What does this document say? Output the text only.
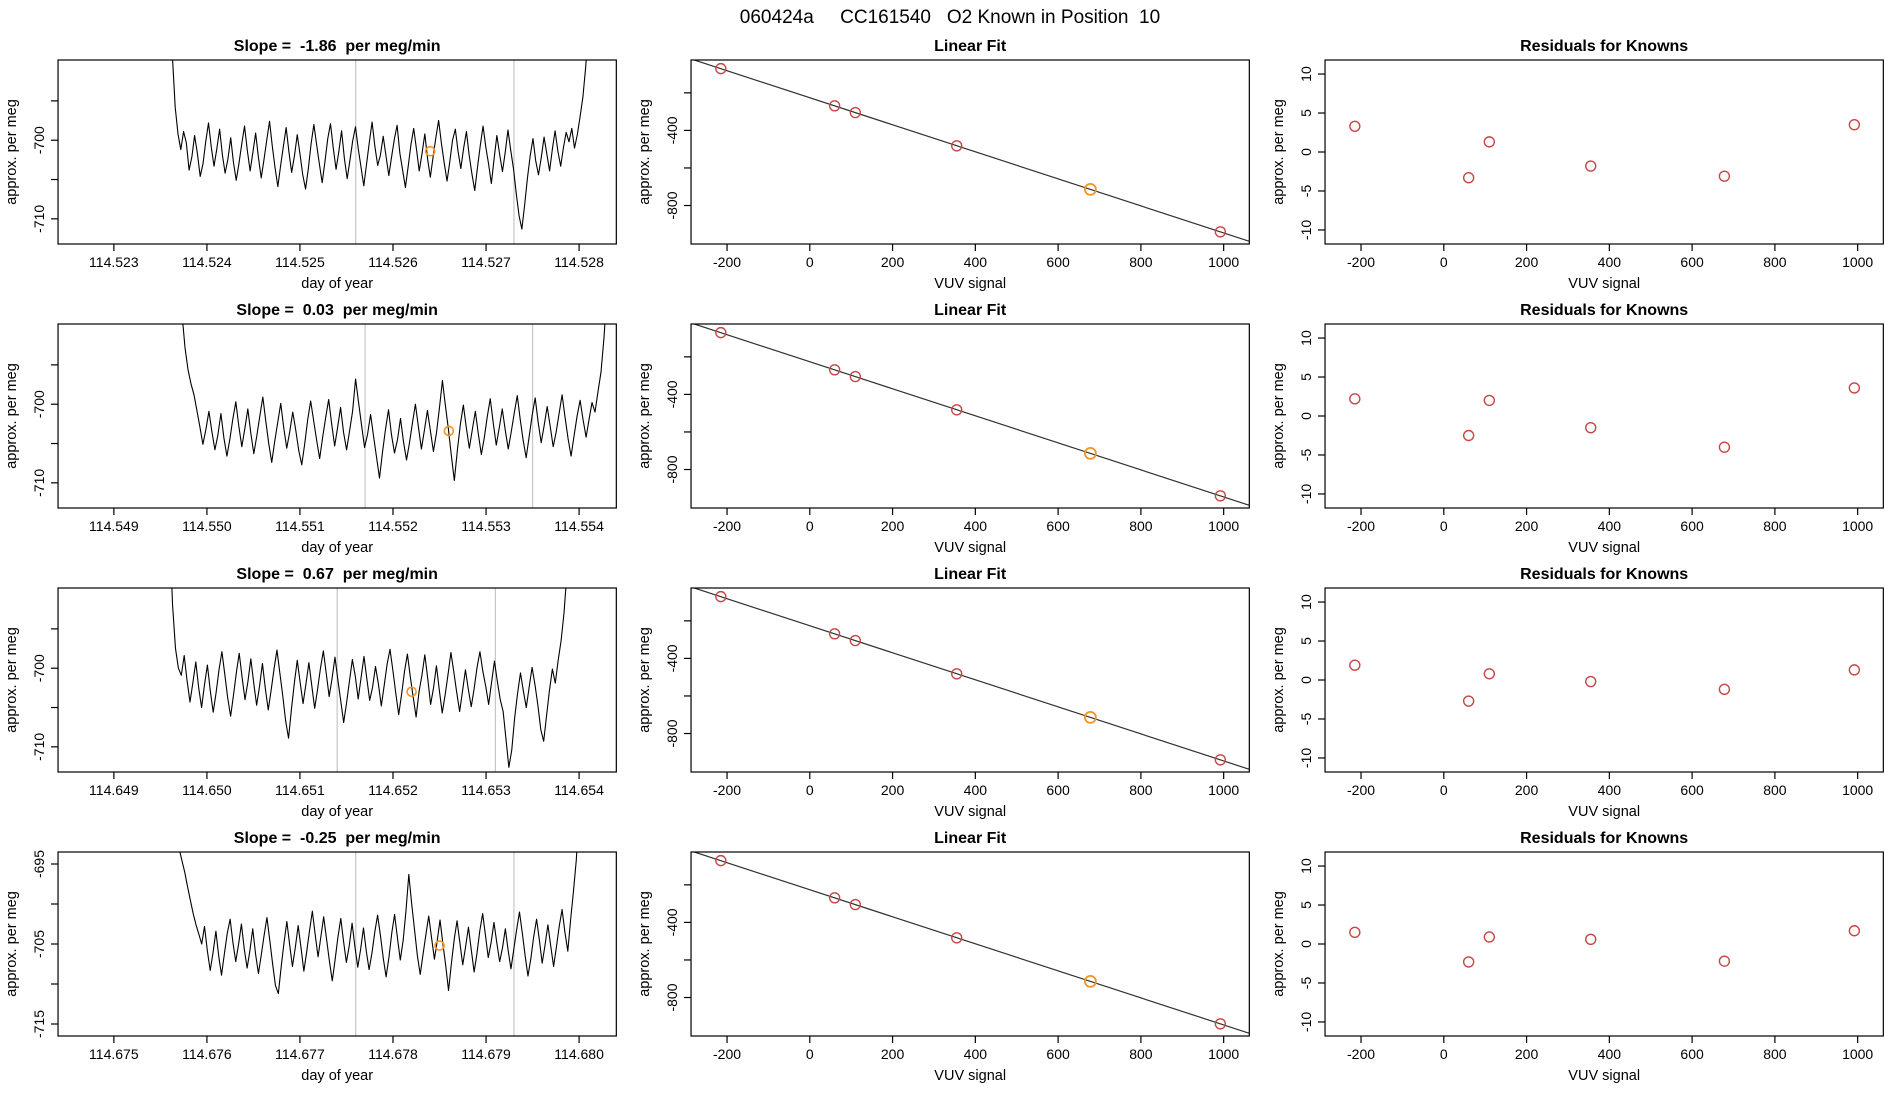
060424a     CC161540   O2 Known in Position  10
114.523	114.524	114.525	114.526	114.527	114.528
-700
-710
day of year
approx. per meg
Slope =  -1.86  per meg/min
-200	0	200	400	600	800	1000
-400
-800
VUV signal
approx. per meg
Linear Fit
-200	0	200	400	600	800	1000
-10
-5
0
5
10
VUV signal
approx. per meg
Residuals for Knowns
114.549	114.550	114.551	114.552	114.553	114.554
-700
-710
day of year
approx. per meg
Slope =  0.03  per meg/min
-200	0	200	400	600	800	1000
-400
-800
VUV signal
approx. per meg
Linear Fit
-200	0	200	400	600	800	1000
-10
-5
0
5
10
VUV signal
approx. per meg
Residuals for Knowns
114.649	114.650	114.651	114.652	114.653	114.654
-700
-710
day of year
approx. per meg
Slope =  0.67  per meg/min
-200	0	200	400	600	800	1000
-400
-800
VUV signal
approx. per meg
Linear Fit
-200	0	200	400	600	800	1000
-10
-5
0
5
10
VUV signal
approx. per meg
Residuals for Knowns
114.675	114.676	114.677	114.678	114.679	114.680
-695
-705
-715
day of year
approx. per meg
Slope =  -0.25  per meg/min
-200	0	200	400	600	800	1000
-400
-800
VUV signal
approx. per meg
Linear Fit
-200	0	200	400	600	800	1000
-10
-5
0
5
10
VUV signal
approx. per meg
Residuals for Knowns
